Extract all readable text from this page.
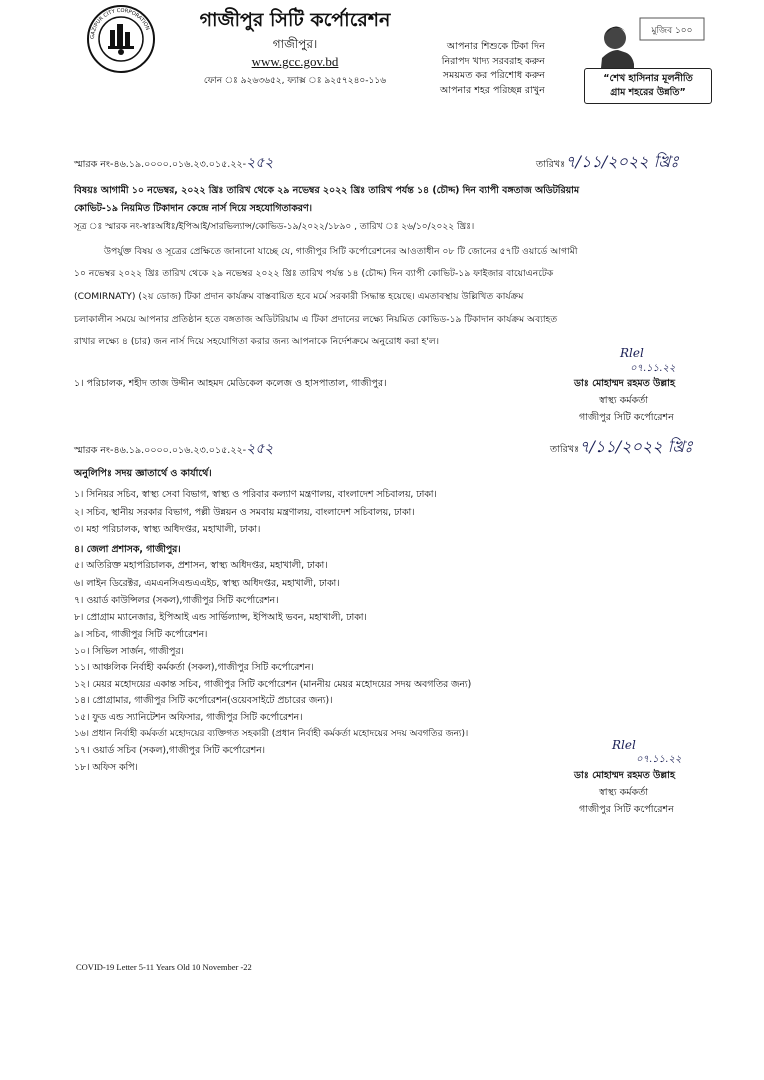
GAZIPUR CITY CORPORATION	গাজীপুর সিটি কর্পোরেশন
গাজীপুর।
www.gcc.gov.bd
ফোন ঃ ৯২৬৩৬৫২, ফ্যাক্স ঃ ৯২৫৭২৪০-১১৬
আপনার শিশুকে টিকা দিন
নিরাপদ খাদ্য সরবরাহ করুন
সময়মত কর পরিশোধ করুন
আপনার শহর পরিচ্ছন্ন রাখুন
মুজিব ১০০
“শেখ হাসিনার মূলনীতি
গ্রাম শহরের উন্নতি”
স্মারক নং-৪৬.১৯.০০০০.০১৬.২৩.০১৫.২২-২৫২	তারিখঃ৭/১১/২০২২ খ্রিঃ
বিষয়ঃ আগামী ১০ নভেম্বর, ২০২২ খ্রিঃ তারিখ থেকে ২৯ নভেম্বর ২০২২ খ্রিঃ তারিখ পর্যন্ত ১৪ (চৌদ্দ) দিন ব্যাপী বঙ্গতাজ অডিটরিয়াম
কোভিট-১৯ নিয়মিত টিকাদান কেন্দ্রে নার্স দিয়ে সহযোগিতাকরণ।
সূত্র ঃ স্মারক নং-স্বাঃঅধিঃ/ইপিআই/সারভিল্যান্স/কোভিড-১৯/২০২২/১৮৯০ , তারিখ ঃ ২৬/১০/২০২২ খ্রিঃ।
উপর্যুক্ত বিষয় ও সূত্রের প্রেক্ষিতে জানানো যাচ্ছে যে, গাজীপুর সিটি কর্পোরেশনের আওতাধীন ০৮ টি জোনের ৫৭টি ওয়ার্ডে আগামী
১০ নভেম্বর ২০২২ খ্রিঃ তারিখ থেকে ২৯ নভেম্বর ২০২২ খ্রিঃ তারিখ পর্যন্ত ১৪ (চৌদ্দ) দিন ব্যাপী কোভিট-১৯ ফাইজার বায়োএনটেক
(COMIRNATY) (২য় ডোজ) টিকা প্রদান কার্যক্রম বাস্তবায়িত হবে মর্মে সরকারী সিদ্ধান্ত হয়েছে। এমতাবস্থায় উল্লিখিত কার্যক্রম
চলাকালীন সময়ে আপনার প্রতিষ্ঠান হতে বঙ্গতাজ অডিটরিয়াম এ টিকা প্রদানের লক্ষ্যে নিয়মিত কোভিড-১৯ টিকাদান কার্যক্রম অব্যাহত
রাখার লক্ষ্যে ৪ (চার) জন নার্স দিয়ে সহযোগিতা করার জন্য আপনাকে নির্দেশক্রমে অনুরোধ করা হ'ল।
১। পরিচালক, শহীদ তাজ উদ্দীন আহমদ মেডিকেল কলেজ ও হাসপাতাল, গাজীপুর।
Rlel
০৭.১১.২২
ডাঃ মোহাম্মদ রহমত উল্লাহ
স্বাস্থ্য কর্মকর্তা
গাজীপুর সিটি কর্পোরেশন
স্মারক নং-৪৬.১৯.০০০০.০১৬.২৩.০১৫.২২-২৫২	তারিখঃ৭/১১/২০২২ খ্রিঃ
অনুলিপিঃ সদয় জ্ঞাতার্থে ও কার্যার্থে।
১। সিনিয়র সচিব, স্বাস্থ্য সেবা বিভাগ, স্বাস্থ্য ও পরিবার কল্যাণ মন্ত্রণালয়, বাংলাদেশ সচিবালয়, ঢাকা।
২। সচিব, স্থানীয় সরকার বিভাগ, পল্লী উন্নয়ন ও সমবায় মন্ত্রণালয়, বাংলাদেশ সচিবালয়, ঢাকা।
৩। মহা পরিচালক, স্বাস্থ্য অধিদপ্তর, মহাখালী, ঢাকা।
৪। জেলা প্রশাসক, গাজীপুর।
৫। অতিরিক্ত মহাপরিচালক, প্রশাসন, স্বাস্থ্য অধিদপ্তর, মহাখালী, ঢাকা।
৬। লাইন ডিরেক্টর, এমএনসিএন্ডএএইচ, স্বাস্থ্য অধিদপ্তর, মহাখালী, ঢাকা।
৭। ওয়ার্ড কাউন্সিলর (সকল),গাজীপুর সিটি কর্পোরেশন।
৮। প্রোগ্রাম ম্যানেজার, ইপিআই এন্ড সার্ভিল্যান্স, ইপিআই ভবন, মহাখালী, ঢাকা।
৯। সচিব, গাজীপুর সিটি কর্পোরেশন।
১০। সিভিল সার্জন, গাজীপুর।
১১। আঞ্চলিক নির্বাহী কর্মকর্তা (সকল),গাজীপুর সিটি কর্পোরেশন।
১২। মেয়র মহোদয়ের একান্ত সচিব, গাজীপুর সিটি কর্পোরেশন (মাননীয় মেয়র মহোদয়ের সদয় অবগতির জন্য)
১৪। প্রোগ্রামার, গাজীপুর সিটি কর্পোরেশন(ওয়েবসাইটে প্রচারের জন্য)।
১৫। ফুড এন্ড স্যানিটেশন অফিসার, গাজীপুর সিটি কর্পোরেশন।
১৬। প্রধান নির্বাহী কর্মকর্তা মহোদয়ের ব্যক্তিগত সহকারী (প্রধান নির্বাহী কর্মকর্তা মহোদয়ের সদয় অবগতির জন্য)।
১৭। ওয়ার্ড সচিব (সকল),গাজীপুর সিটি কর্পোরেশন।
১৮। অফিস কপি।
Rlel
০৭.১১.২২
ডাঃ মোহাম্মদ রহমত উল্লাহ
স্বাস্থ্য কর্মকর্তা
গাজীপুর সিটি কর্পোরেশন
COVID-19 Letter 5-11 Years Old 10 November -22
